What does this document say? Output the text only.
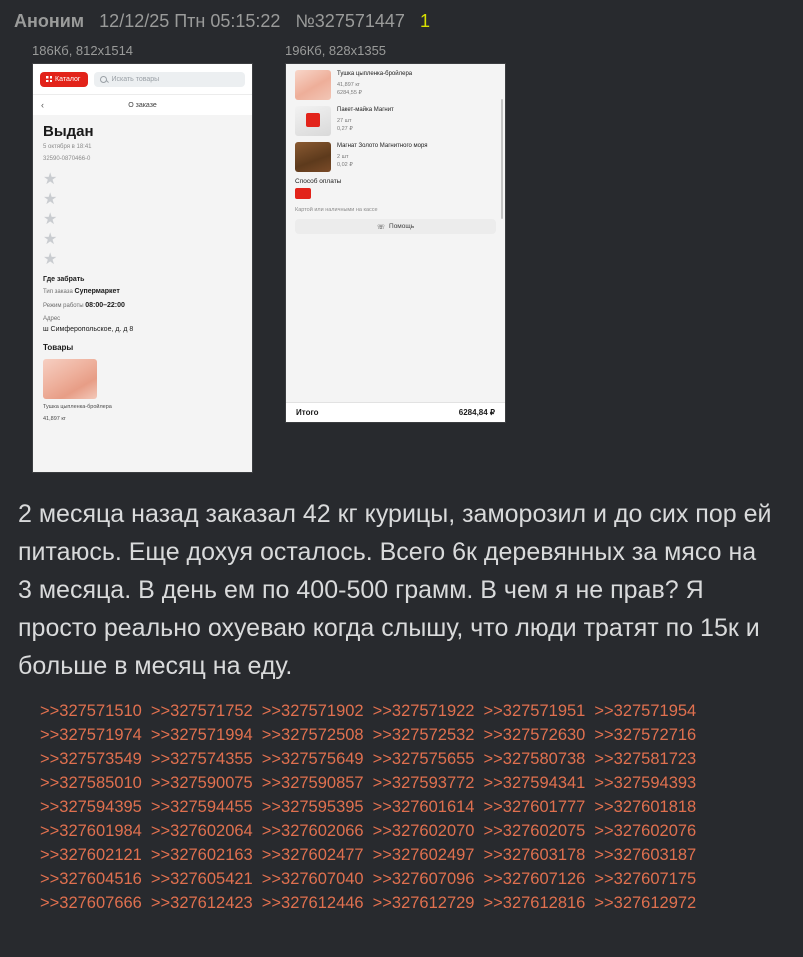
Аноним 12/12/25 Птн 05:15:22 №327571447 1
186Кб, 812x1514
Каталог	Искать товары
‹	О заказе
Выдан
5 октября в 18:41
32590-0870466-0
★
★
★
★
★
Где забрать
Тип заказа Супермаркет
Режим работы 08:00–22:00
Адрес
ш Симферопольское, д. д 8
Товары
Тушка цыпленка-бройлера
41,897 кг
196Кб, 828x1355
Тушка цыпленка-бройлера
41,897 кг
6284,55 ₽
Пакет-майка Магнит
27 шт
0,27 ₽
Магнат Золото Магнитного моря
2 шт
0,02 ₽
Способ оплаты
Картой или наличными на кассе
☏ Помощь
Итого	6284,84 ₽
2 месяца назад заказал 42 кг курицы, заморозил и до сих пор ей питаюсь. Еще дохуя осталось. Всего 6к деревянных за мясо на 3 месяца. В день ем по 400-500 грамм. В чем я не прав? Я просто реально охуеваю когда слышу, что люди тратят по 15к и больше в месяц на еду.
>>327571510 >>327571752 >>327571902 >>327571922 >>327571951 >>327571954
>>327571974 >>327571994 >>327572508 >>327572532 >>327572630 >>327572716
>>327573549 >>327574355 >>327575649 >>327575655 >>327580738 >>327581723
>>327585010 >>327590075 >>327590857 >>327593772 >>327594341 >>327594393
>>327594395 >>327594455 >>327595395 >>327601614 >>327601777 >>327601818
>>327601984 >>327602064 >>327602066 >>327602070 >>327602075 >>327602076
>>327602121 >>327602163 >>327602477 >>327602497 >>327603178 >>327603187
>>327604516 >>327605421 >>327607040 >>327607096 >>327607126 >>327607175
>>327607666 >>327612423 >>327612446 >>327612729 >>327612816 >>327612972
